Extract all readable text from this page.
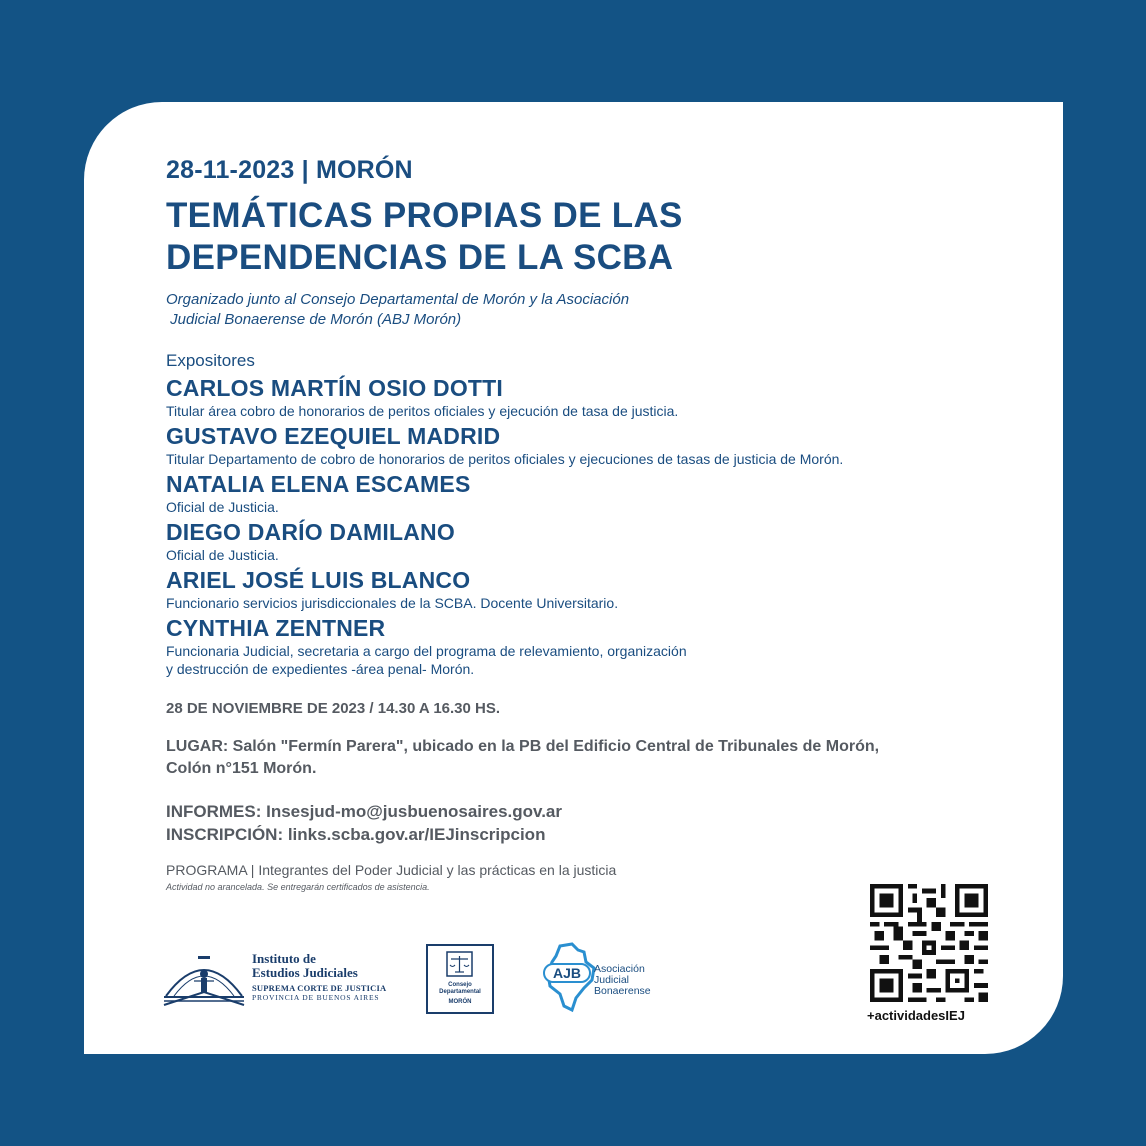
28-11-2023 | MORÓN
TEMÁTICAS PROPIAS DE LAS
DEPENDENCIAS DE LA SCBA
Organizado junto al Consejo Departamental de Morón y la Asociación
Judicial Bonaerense de Morón (ABJ Morón)
Expositores
CARLOS MARTÍN OSIO DOTTI
Titular área cobro de honorarios de peritos oficiales y ejecución de tasa de justicia.
GUSTAVO EZEQUIEL MADRID
Titular Departamento de cobro de honorarios de peritos oficiales y ejecuciones de tasas de justicia de Morón.
NATALIA ELENA ESCAMES
Oficial de Justicia.
DIEGO DARÍO DAMILANO
Oficial de Justicia.
ARIEL JOSÉ LUIS BLANCO
Funcionario servicios jurisdiccionales de la SCBA. Docente Universitario.
CYNTHIA ZENTNER
Funcionaria Judicial, secretaria a cargo del programa de relevamiento, organización
y destrucción de expedientes -área penal- Morón.
28 DE NOVIEMBRE DE 2023 / 14.30 A 16.30 HS.
LUGAR: Salón "Fermín Parera", ubicado en la PB del Edificio Central de Tribunales de Morón,
Colón n°151 Morón.
INFORMES: Insesjud-mo@jusbuenosaires.gov.ar
INSCRIPCIÓN: links.scba.gov.ar/IEJinscripcion
PROGRAMA | Integrantes del Poder Judicial y las prácticas en la justicia
Actividad no arancelada. Se entregarán certificados de asistencia.
Instituto de
Estudios Judiciales
SUPREMA CORTE DE JUSTICIA
PROVINCIA DE BUENOS AIRES
Consejo
Departamental
MORÓN
AJB Asociación
Judicial
Bonaerense
+actividadesIEJ
